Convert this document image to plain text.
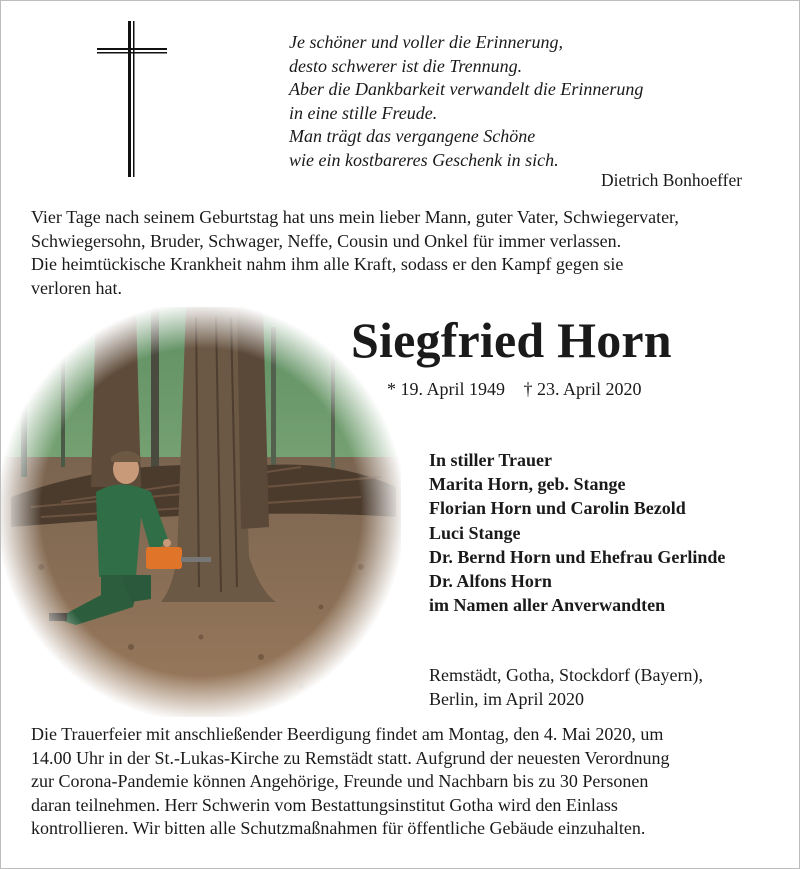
Je schöner und voller die Erinnerung,
desto schwerer ist die Trennung.
Aber die Dankbarkeit verwandelt die Erinnerung
in eine stille Freude.
Man trägt das vergangene Schöne
wie ein kostbareres Geschenk in sich.
Dietrich Bonhoeffer
Vier Tage nach seinem Geburtstag hat uns mein lieber Mann, guter Vater, Schwiegervater,
Schwiegersohn, Bruder, Schwager, Neffe, Cousin und Onkel für immer verlassen.
Die heimtückische Krankheit nahm ihm alle Kraft, sodass er den Kampf gegen sie
verloren hat.
Siegfried Horn
* 19. April 1949 † 23. April 2020
In stiller Trauer
Marita Horn, geb. Stange
Florian Horn und Carolin Bezold
Luci Stange
Dr. Bernd Horn und Ehefrau Gerlinde
Dr. Alfons Horn
im Namen aller Anverwandten
Remstädt, Gotha, Stockdorf (Bayern),
Berlin, im April 2020
Die Trauerfeier mit anschließender Beerdigung findet am Montag, den 4. Mai 2020, um
14.00 Uhr in der St.-Lukas-Kirche zu Remstädt statt. Aufgrund der neuesten Verordnung
zur Corona-Pandemie können Angehörige, Freunde und Nachbarn bis zu 30 Personen
daran teilnehmen. Herr Schwerin vom Bestattungsinstitut Gotha wird den Einlass
kontrollieren. Wir bitten alle Schutzmaßnahmen für öffentliche Gebäude einzuhalten.
